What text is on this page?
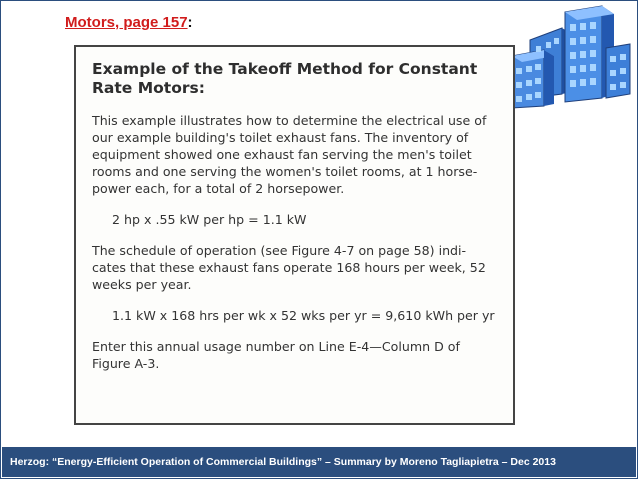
Motors, page 157:
Example of the Takeoff Method for Constant Rate Motors:

This example illustrates how to determine the electrical use of our example building's toilet exhaust fans. The inventory of equipment showed one exhaust fan serving the men's toilet rooms and one serving the women's toilet rooms, at 1 horse-power each, for a total of 2 horsepower.

2 hp x .55 kW per hp = 1.1 kW

The schedule of operation (see Figure 4-7 on page 58) indi-cates that these exhaust fans operate 168 hours per week, 52 weeks per year.

1.1 kW x 168 hrs per wk x 52 wks per yr = 9,610 kWh per yr

Enter this annual usage number on Line E-4—Column D of Figure A-3.

Herzog: “Energy-Efficient Operation of Commercial Buildings” – Summary by Moreno Tagliapietra – Dec 2013
